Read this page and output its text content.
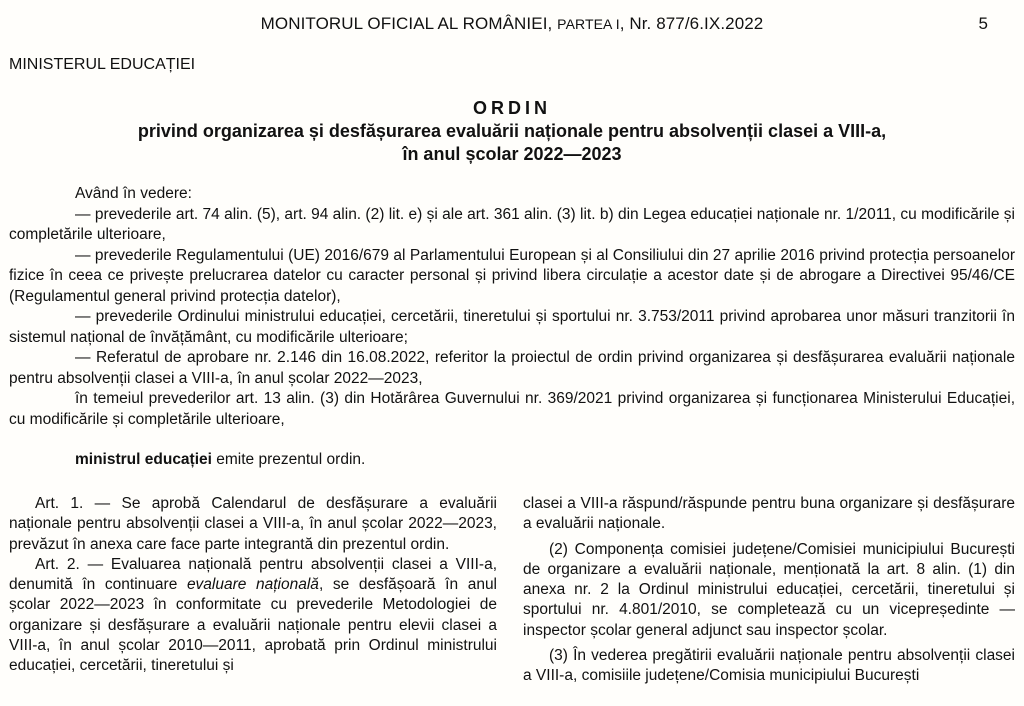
MONITORUL OFICIAL AL ROMÂNIEI, PARTEA I, Nr. 877/6.IX.2022	5
MINISTERUL EDUCAȚIEI
ORDIN
privind organizarea și desfășurarea evaluării naționale pentru absolvenții clasei a VIII-a,
în anul școlar 2022—2023

Având în vedere:

— prevederile art. 74 alin. (5), art. 94 alin. (2) lit. e) și ale art. 361 alin. (3) lit. b) din Legea educației naționale nr. 1/2011, cu modificările și completările ulterioare,

— prevederile Regulamentului (UE) 2016/679 al Parlamentului European și al Consiliului din 27 aprilie 2016 privind protecția persoanelor fizice în ceea ce privește prelucrarea datelor cu caracter personal și privind libera circulație a acestor date și de abrogare a Directivei 95/46/CE (Regulamentul general privind protecția datelor),

— prevederile Ordinului ministrului educației, cercetării, tineretului și sportului nr. 3.753/2011 privind aprobarea unor măsuri tranzitorii în sistemul național de învățământ, cu modificările ulterioare;

— Referatul de aprobare nr. 2.146 din 16.08.2022, referitor la proiectul de ordin privind organizarea și desfășurarea evaluării naționale pentru absolvenții clasei a VIII-a, în anul școlar 2022—2023,

în temeiul prevederilor art. 13 alin. (3) din Hotărârea Guvernului nr. 369/2021 privind organizarea și funcționarea Ministerului Educației, cu modificările și completările ulterioare,

ministrul educației emite prezentul ordin.

Art. 1. — Se aprobă Calendarul de desfășurare a evaluării naționale pentru absolvenții clasei a VIII-a, în anul școlar 2022—2023, prevăzut în anexa care face parte integrantă din prezentul ordin.

Art. 2. — Evaluarea națională pentru absolvenții clasei a VIII-a, denumită în continuare evaluare națională, se desfășoară în anul școlar 2022—2023 în conformitate cu prevederile Metodologiei de organizare și desfășurare a evaluării naționale pentru elevii clasei a VIII-a, în anul școlar 2010—2011, aprobată prin Ordinul ministrului educației, cercetării, tineretului și

clasei a VIII-a răspund/răspunde pentru buna organizare și desfășurare a evaluării naționale.

(2) Componența comisiei județene/Comisiei municipiului București de organizare a evaluării naționale, menționată la art. 8 alin. (1) din anexa nr. 2 la Ordinul ministrului educației, cercetării, tineretului și sportului nr. 4.801/2010, se completează cu un vicepreședinte — inspector școlar general adjunct sau inspector școlar.

(3) În vederea pregătirii evaluării naționale pentru absolvenții clasei a VIII-a, comisiile județene/Comisia municipiului București
